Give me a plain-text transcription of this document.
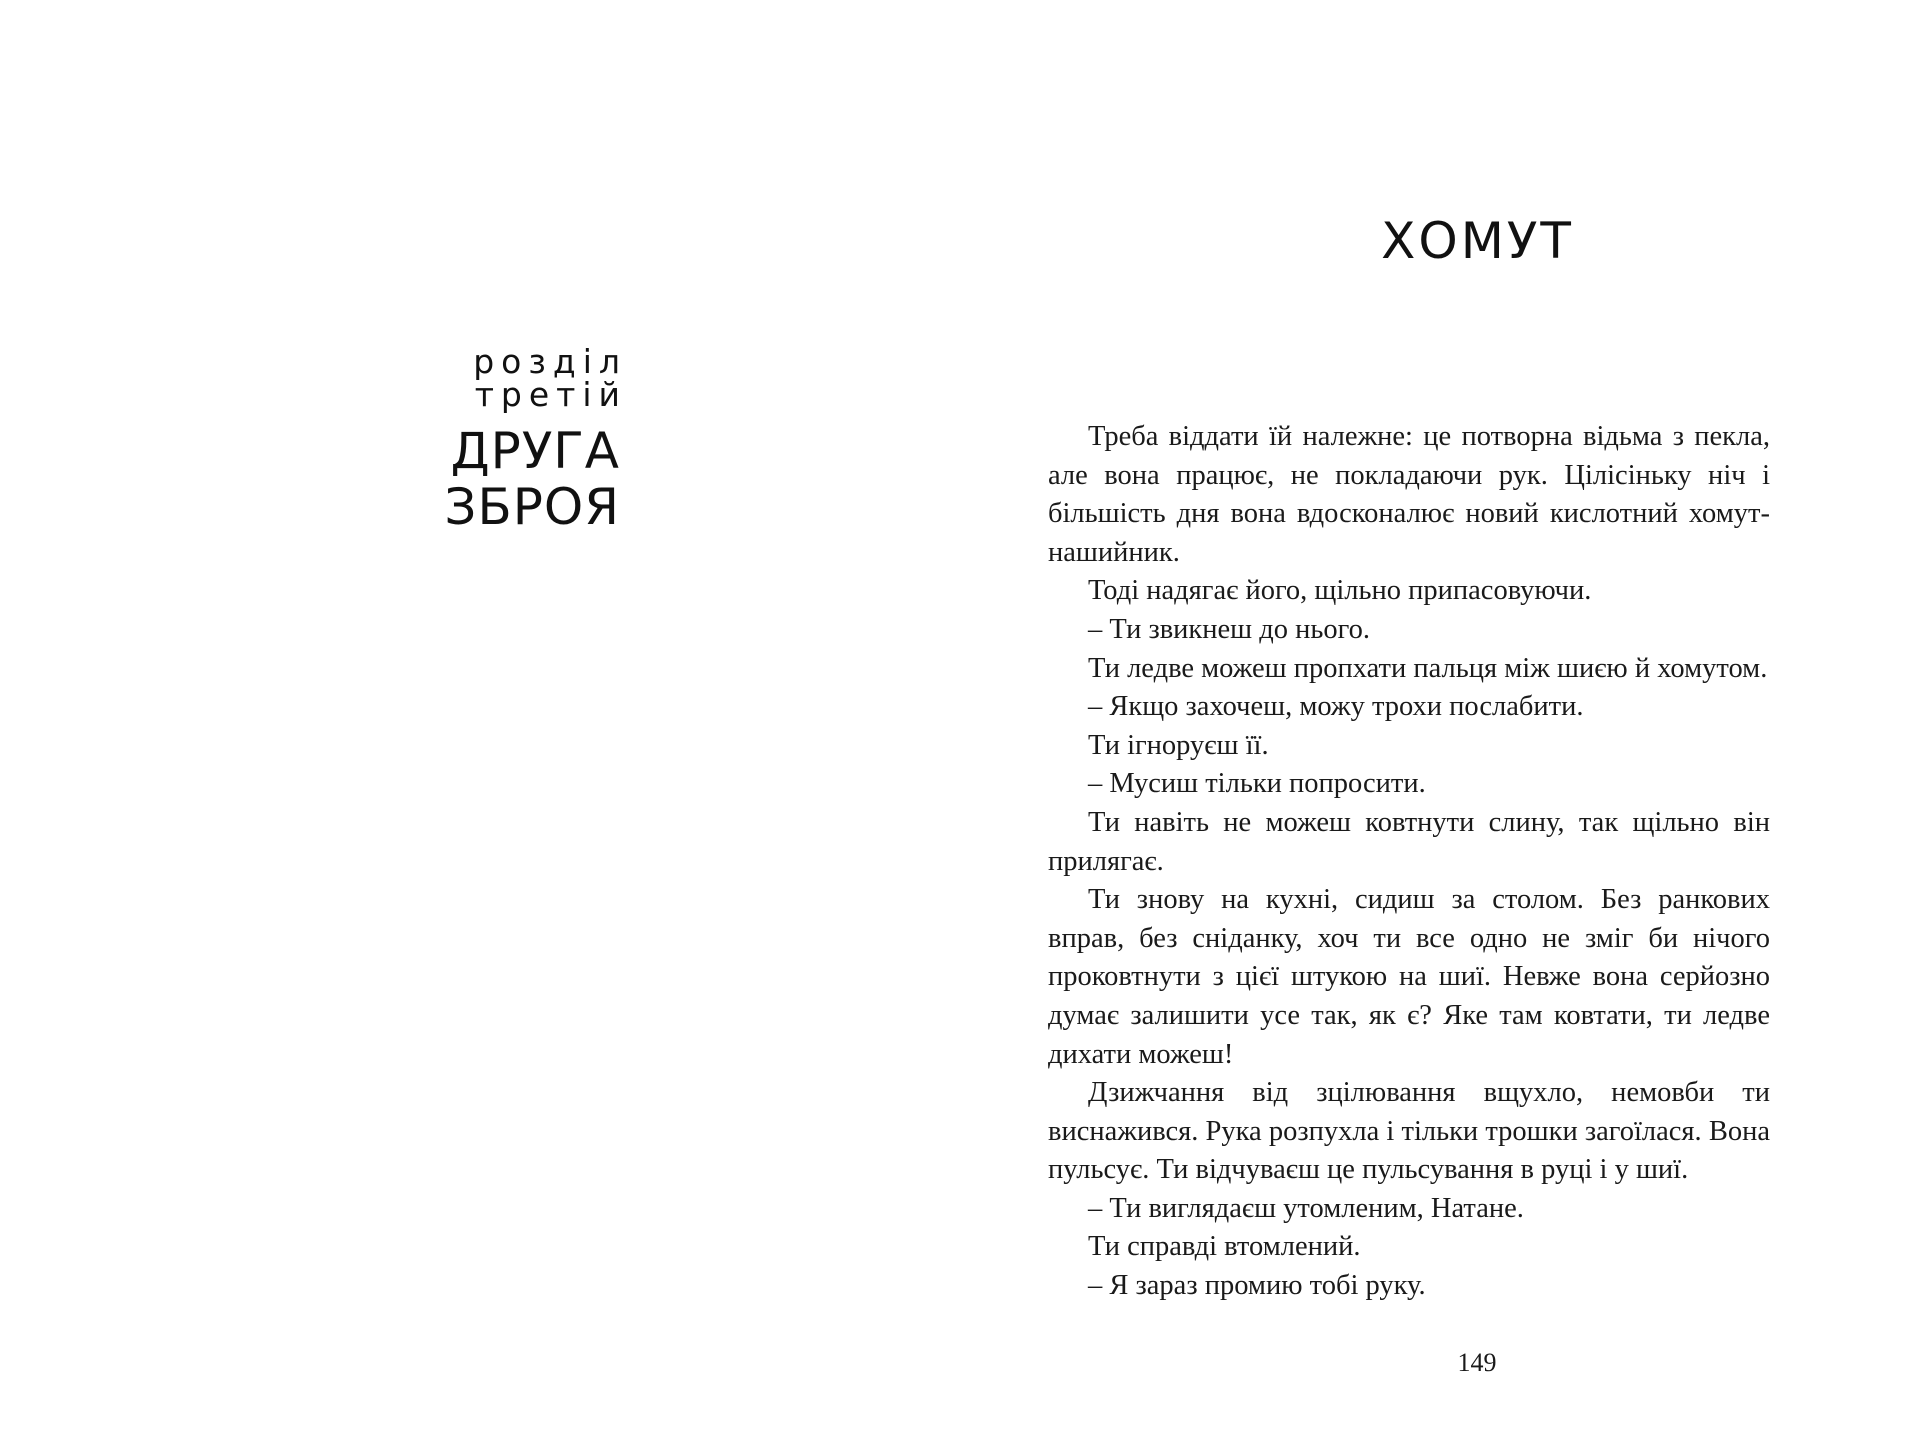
розділ
третій
ДРУГА
ЗБРОЯ
ХОМУТ

Треба віддати їй належне: це потворна відьма з пекла, але вона працює, не покладаючи рук. Цілісіньку ніч і більшість дня вона вдосконалює новий кислотний хомут-нашийник.

Тоді надягає його, щільно припасовуючи.

– Ти звикнеш до нього.

Ти ледве можеш пропхати пальця між шиєю й хомутом.

– Якщо захочеш, можу трохи послабити.

Ти ігноруєш її.

– Мусиш тільки попросити.

Ти навіть не можеш ковтнути слину, так щільно він прилягає.

Ти знову на кухні, сидиш за столом. Без ранкових вправ, без сніданку, хоч ти все одно не зміг би нічого проковтнути з цієї штукою на шиї. Невже вона серйозно думає залишити усе так, як є? Яке там ковтати, ти ледве дихати можеш!

Дзижчання від зцілювання вщухло, немовби ти виснажився. Рука розпухла і тільки трошки загоїлася. Вона пульсує. Ти відчуваєш це пульсування в руці і у шиї.

– Ти виглядаєш утомленим, Натане.

Ти справді втомлений.

– Я зараз промию тобі руку.

149
